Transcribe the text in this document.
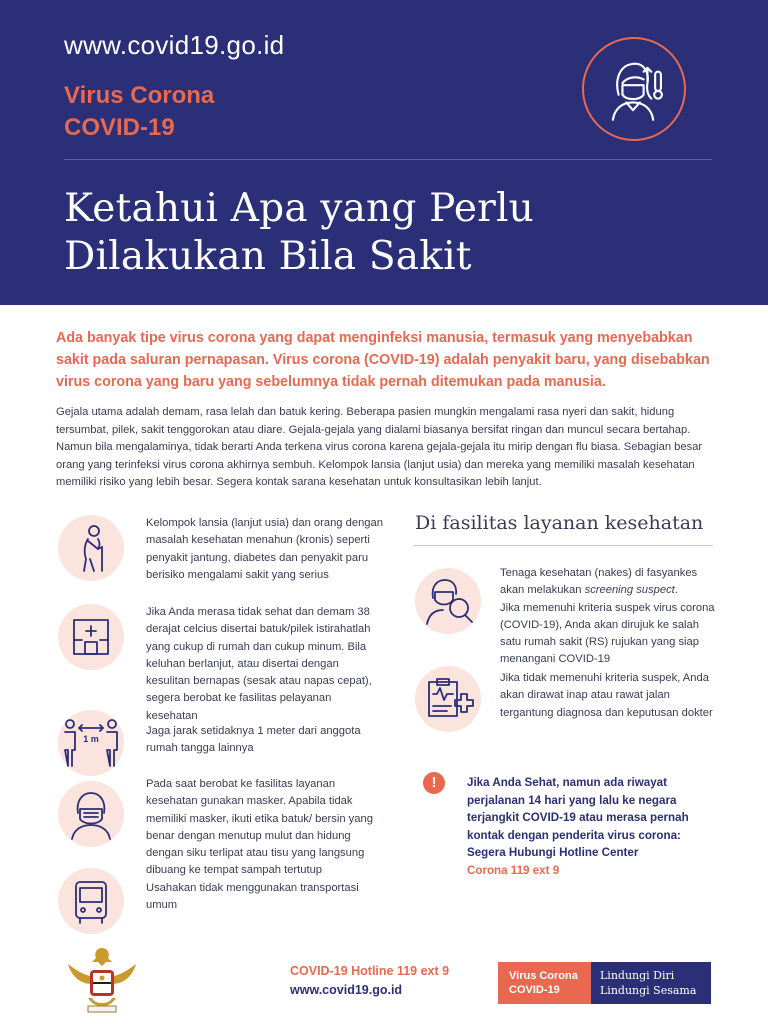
www.covid19.go.id
Virus Corona
COVID-19
Ketahui Apa yang Perlu
Dilakukan Bila Sakit
Ada banyak tipe virus corona yang dapat menginfeksi manusia, termasuk yang menyebabkan sakit pada saluran pernapasan. Virus corona (COVID-19) adalah penyakit baru, yang disebabkan virus corona yang baru yang sebelumnya tidak pernah ditemukan pada manusia.
Gejala utama adalah demam, rasa lelah dan batuk kering. Beberapa pasien mungkin mengalami rasa nyeri dan sakit, hidung tersumbat, pilek, sakit tenggorokan atau diare. Gejala-gejala yang dialami biasanya bersifat ringan dan muncul secara bertahap. Namun bila mengalaminya, tidak berarti Anda terkena virus corona karena gejala-gejala itu mirip dengan flu biasa. Sebagian besar orang yang terinfeksi virus corona akhirnya sembuh. Kelompok lansia (lanjut usia) dan mereka yang memiliki masalah kesehatan memiliki risiko yang lebih besar. Segera kontak sarana kesehatan untuk konsultasikan lebih lanjut.
Kelompok lansia (lanjut usia) dan orang dengan masalah kesehatan menahun (kronis) seperti penyakit jantung, diabetes dan penyakit paru berisiko mengalami sakit yang serius
Jika Anda merasa tidak sehat dan demam 38 derajat celcius disertai batuk/pilek istirahatlah yang cukup di rumah dan cukup minum. Bila keluhan berlanjut, atau disertai dengan kesulitan bernapas (sesak atau napas cepat), segera berobat ke fasilitas pelayanan kesehatan
1 m
Jaga jarak setidaknya 1 meter dari anggota rumah tangga lainnya
Pada saat berobat ke fasilitas layanan kesehatan gunakan masker. Apabila tidak memiliki masker, ikuti etika batuk/ bersin yang benar dengan menutup mulut dan hidung dengan siku terlipat atau tisu yang langsung dibuang ke tempat sampah tertutup
Usahakan tidak menggunakan transportasi umum
Di fasilitas layanan kesehatan
Tenaga kesehatan (nakes) di fasyankes
akan melakukan screening suspect.
Jika memenuhi kriteria suspek virus corona (COVID-19), Anda akan dirujuk ke salah satu rumah sakit (RS) rujukan yang siap menangani COVID-19
Jika tidak memenuhi kriteria suspek, Anda akan dirawat inap atau rawat jalan tergantung diagnosa dan keputusan dokter
!	Jika Anda Sehat, namun ada riwayat perjalanan 14 hari yang lalu ke negara terjangkit COVID-19 atau merasa pernah kontak dengan penderita virus corona: Segera Hubungi Hotline Center
Corona 119 ext 9
COVID-19 Hotline 119 ext 9
www.covid19.go.id
Virus Corona
COVID-19
Lindungi Diri
Lindungi Sesama
